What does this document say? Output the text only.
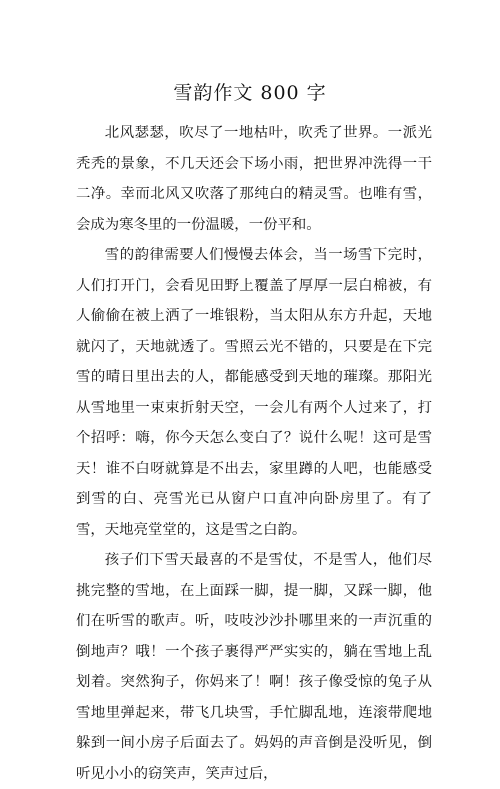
雪韵作文 800 字

北风瑟瑟，吹尽了一地枯叶，吹秃了世界。一派光秃秃的景象，不几天还会下场小雨，把世界冲洗得一干二净。幸而北风又吹落了那纯白的精灵雪。也唯有雪，会成为寒冬里的一份温暖，一份平和。

雪的韵律需要人们慢慢去体会，当一场雪下完时，人们打开门，会看见田野上覆盖了厚厚一层白棉被，有人偷偷在被上洒了一堆银粉，当太阳从东方升起，天地就闪了，天地就透了。雪照云光不错的，只要是在下完雪的晴日里出去的人，都能感受到天地的璀璨。那阳光从雪地里一束束折射天空，一会儿有两个人过来了，打个招呼：嗨，你今天怎么变白了？说什么呢！这可是雪天！谁不白呀就算是不出去，家里蹲的人吧，也能感受到雪的白、亮雪光已从窗户口直冲向卧房里了。有了雪，天地亮堂堂的，这是雪之白韵。

孩子们下雪天最喜的不是雪仗，不是雪人，他们尽挑完整的雪地，在上面踩一脚，提一脚，又踩一脚，他们在听雪的歌声。听，吱吱沙沙扑哪里来的一声沉重的倒地声？哦！一个孩子裹得严严实实的，躺在雪地上乱划着。突然狗子，你妈来了！啊！孩子像受惊的兔子从雪地里弹起来，带飞几块雪，手忙脚乱地，连滚带爬地躲到一间小房子后面去了。妈妈的声音倒是没听见，倒听见小小的窃笑声，笑声过后，
